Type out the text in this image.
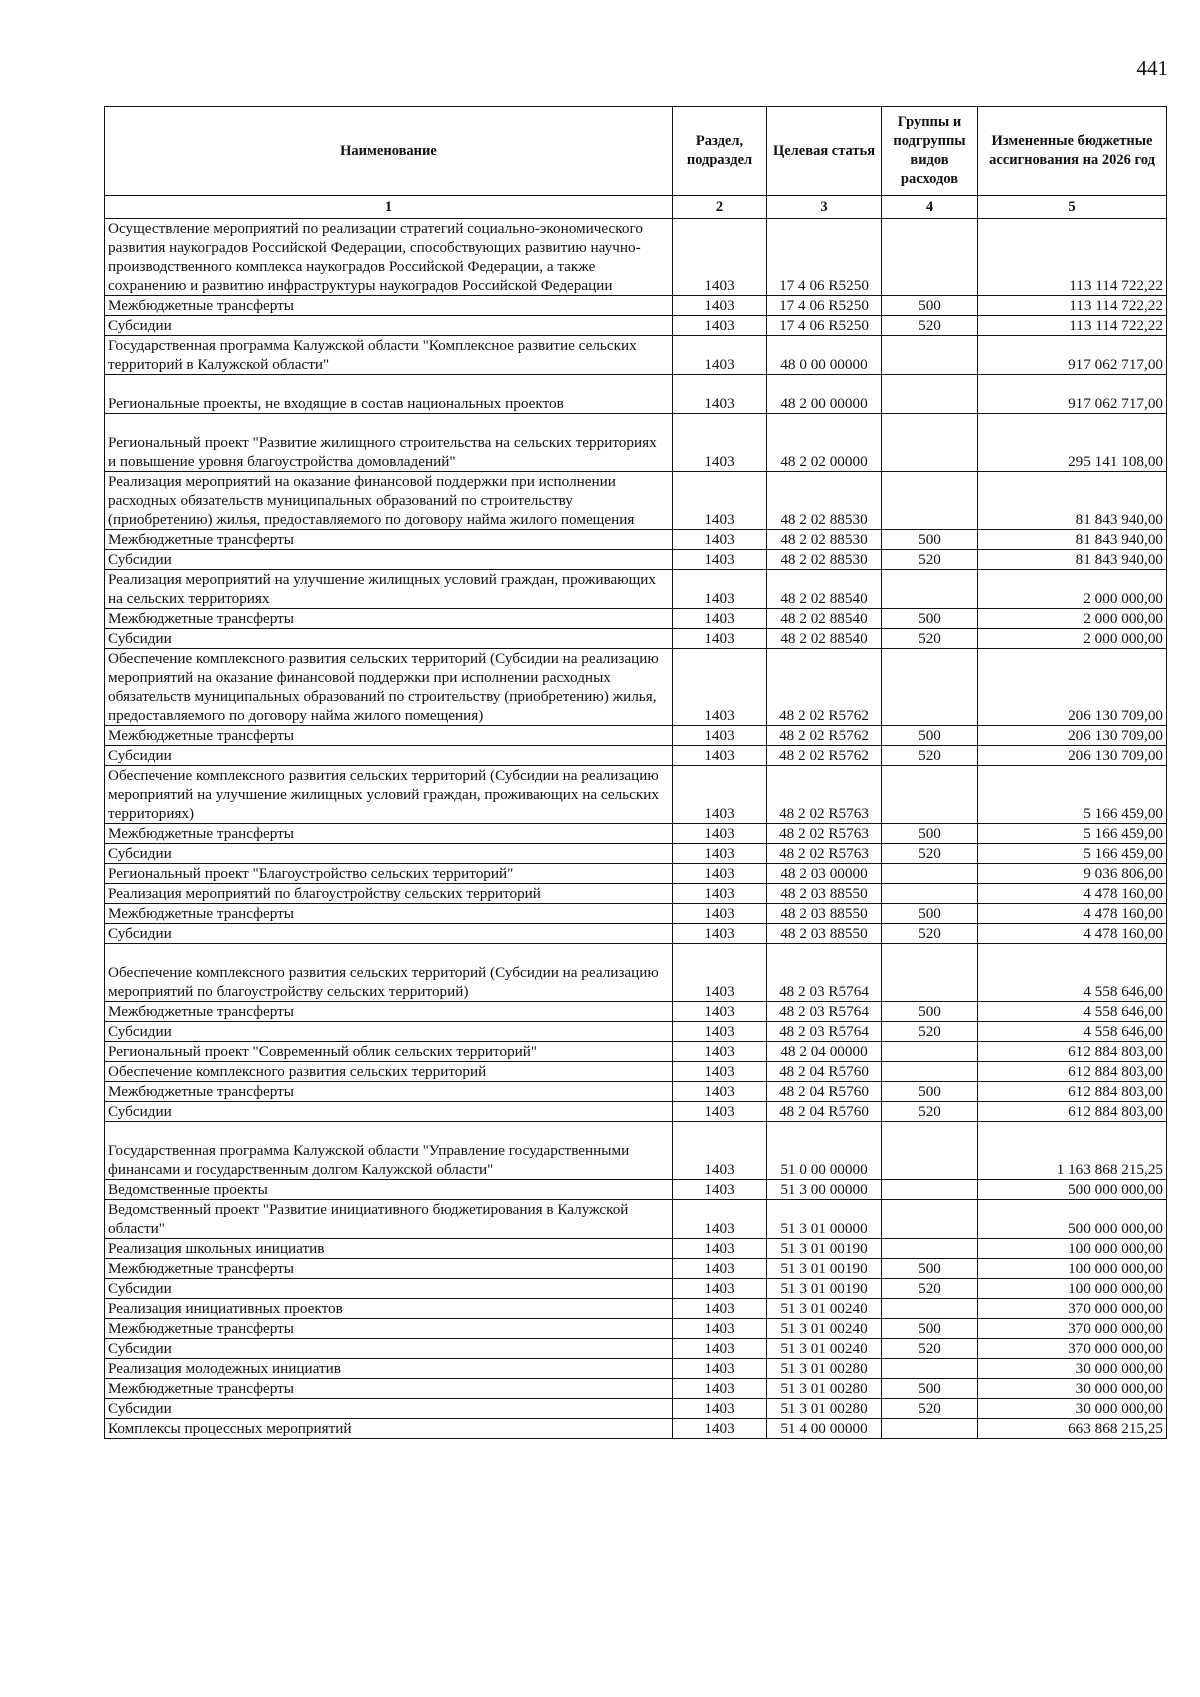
441
Наименование	Раздел, подраздел	Целевая статья	Группы и подгруппы видов расходов	Измененные бюджетные ассигнования на 2026 год
1	2	3	4	5
Осуществление мероприятий по реализации стратегий социально-экономического развития наукоградов Российской Федерации, способствующих развитию научно-производственного комплекса наукоградов Российской Федерации, а также сохранению и развитию инфраструктуры наукоградов Российской Федерации	1403	17 4 06 R5250		113 114 722,22
Межбюджетные трансферты	1403	17 4 06 R5250	500	113 114 722,22
Субсидии	1403	17 4 06 R5250	520	113 114 722,22
Государственная программа Калужской области "Комплексное развитие сельских территорий в Калужской области"	1403	48 0 00 00000		917 062 717,00
Региональные проекты, не входящие в состав национальных проектов	1403	48 2 00 00000		917 062 717,00
Региональный проект "Развитие жилищного строительства на сельских территориях и повышение уровня благоустройства домовладений"	1403	48 2 02 00000		295 141 108,00
Реализация мероприятий на оказание финансовой поддержки при исполнении расходных обязательств муниципальных образований по строительству (приобретению) жилья, предоставляемого по договору найма жилого помещения	1403	48 2 02 88530		81 843 940,00
Межбюджетные трансферты	1403	48 2 02 88530	500	81 843 940,00
Субсидии	1403	48 2 02 88530	520	81 843 940,00
Реализация мероприятий на улучшение жилищных условий граждан, проживающих на сельских территориях	1403	48 2 02 88540		2 000 000,00
Межбюджетные трансферты	1403	48 2 02 88540	500	2 000 000,00
Субсидии	1403	48 2 02 88540	520	2 000 000,00
Обеспечение комплексного развития сельских территорий (Субсидии на реализацию мероприятий на оказание финансовой поддержки при исполнении расходных обязательств муниципальных образований по строительству (приобретению) жилья, предоставляемого по договору найма жилого помещения)	1403	48 2 02 R5762		206 130 709,00
Межбюджетные трансферты	1403	48 2 02 R5762	500	206 130 709,00
Субсидии	1403	48 2 02 R5762	520	206 130 709,00
Обеспечение комплексного развития сельских территорий (Субсидии на реализацию мероприятий на улучшение жилищных условий граждан, проживающих на сельских территориях)	1403	48 2 02 R5763		5 166 459,00
Межбюджетные трансферты	1403	48 2 02 R5763	500	5 166 459,00
Субсидии	1403	48 2 02 R5763	520	5 166 459,00
Региональный проект "Благоустройство сельских территорий"	1403	48 2 03 00000		9 036 806,00
Реализация мероприятий по благоустройству сельских территорий	1403	48 2 03 88550		4 478 160,00
Межбюджетные трансферты	1403	48 2 03 88550	500	4 478 160,00
Субсидии	1403	48 2 03 88550	520	4 478 160,00
Обеспечение комплексного развития сельских территорий (Субсидии на реализацию мероприятий по благоустройству сельских территорий)	1403	48 2 03 R5764		4 558 646,00
Межбюджетные трансферты	1403	48 2 03 R5764	500	4 558 646,00
Субсидии	1403	48 2 03 R5764	520	4 558 646,00
Региональный проект "Современный облик сельских территорий"	1403	48 2 04 00000		612 884 803,00
Обеспечение комплексного развития сельских территорий	1403	48 2 04 R5760		612 884 803,00
Межбюджетные трансферты	1403	48 2 04 R5760	500	612 884 803,00
Субсидии	1403	48 2 04 R5760	520	612 884 803,00
Государственная программа Калужской области "Управление государственными финансами и государственным долгом Калужской области"	1403	51 0 00 00000		1 163 868 215,25
Ведомственные проекты	1403	51 3 00 00000		500 000 000,00
Ведомственный проект "Развитие инициативного бюджетирования в Калужской области"	1403	51 3 01 00000		500 000 000,00
Реализация школьных инициатив	1403	51 3 01 00190		100 000 000,00
Межбюджетные трансферты	1403	51 3 01 00190	500	100 000 000,00
Субсидии	1403	51 3 01 00190	520	100 000 000,00
Реализация инициативных проектов	1403	51 3 01 00240		370 000 000,00
Межбюджетные трансферты	1403	51 3 01 00240	500	370 000 000,00
Субсидии	1403	51 3 01 00240	520	370 000 000,00
Реализация молодежных инициатив	1403	51 3 01 00280		30 000 000,00
Межбюджетные трансферты	1403	51 3 01 00280	500	30 000 000,00
Субсидии	1403	51 3 01 00280	520	30 000 000,00
Комплексы процессных мероприятий	1403	51 4 00 00000		663 868 215,25
